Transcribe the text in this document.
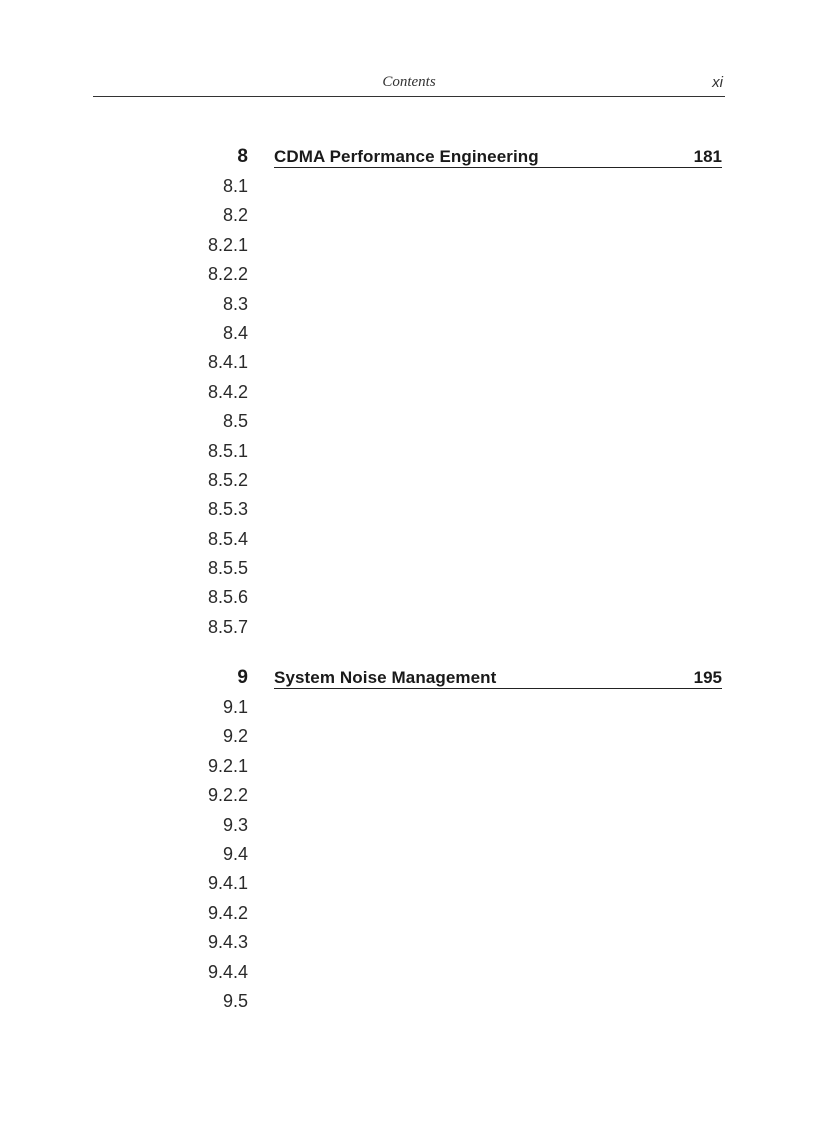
Contents	xi
8 CDMA Performance Engineering	181
8.1
8.2
8.2.1
8.2.2
8.3
8.4
8.4.1
8.4.2
8.5
8.5.1
8.5.2
8.5.3
8.5.4
8.5.5
8.5.6
8.5.7
9 System Noise Management	195
9.1
9.2
9.2.1
9.2.2
9.3
9.4
9.4.1
9.4.2
9.4.3
9.4.4
9.5
